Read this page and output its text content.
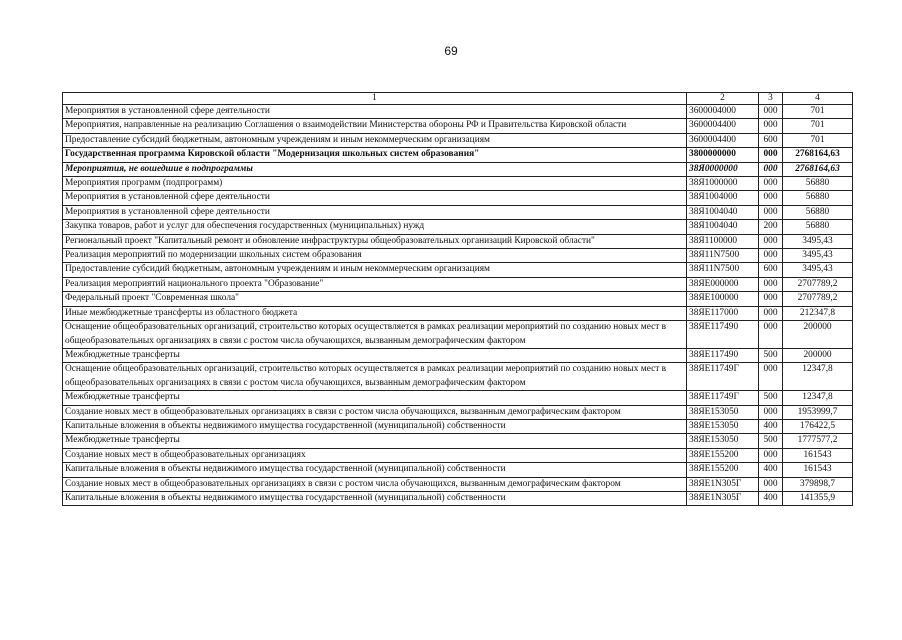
69
1	2	3	4
Мероприятия в установленной сфере деятельности	3600004000	000	701
Мероприятия, направленные на реализацию Соглашения о взаимодействии Министерства обороны РФ и Правительства Кировской области	3600004400	000	701
Предоставление субсидий бюджетным, автономным учреждениям и иным некоммерческим организациям	3600004400	600	701
Государственная программа Кировской области "Модернизация школьных систем образования"	3800000000	000	2768164,63
Мероприятия, не вошедшие в подпрограммы	38Я0000000	000	2768164,63
Мероприятия программ (подпрограмм)	38Я1000000	000	56880
Мероприятия в установленной сфере деятельности	38Я1004000	000	56880
Мероприятия в установленной сфере деятельности	38Я1004040	000	56880
Закупка товаров, работ и услуг для обеспечения государственных (муниципальных) нужд	38Я1004040	200	56880
Региональный проект "Капитальный ремонт и обновление инфраструктуры общеобразовательных организаций Кировской области"	38Я1100000	000	3495,43
Реализация мероприятий по модернизации школьных систем образования	38Я11N7500	000	3495,43
Предоставление субсидий бюджетным, автономным учреждениям и иным некоммерческим организациям	38Я11N7500	600	3495,43
Реализация мероприятий национального проекта "Образование"	38ЯЕ000000	000	2707789,2
Федеральный проект "Современная школа"	38ЯЕ100000	000	2707789,2
Иные межбюджетные трансферты из областного бюджета	38ЯЕ117000	000	212347,8
Оснащение общеобразовательных организаций, строительство которых осуществляется в рамках реализации мероприятий по созданию новых мест в общеобразовательных организациях в связи с ростом числа обучающихся, вызванным демографическим фактором	38ЯЕ117490	000	200000
Межбюджетные трансферты	38ЯЕ117490	500	200000
Оснащение общеобразовательных организаций, строительство которых осуществляется в рамках реализации мероприятий по созданию новых мест в общеобразовательных организациях в связи с ростом числа обучающихся, вызванным демографическим фактором	38ЯЕ11749Г	000	12347,8
Межбюджетные трансферты	38ЯЕ11749Г	500	12347,8
Создание новых мест в общеобразовательных организациях в связи с ростом числа обучающихся, вызванным демографическим фактором	38ЯЕ153050	000	1953999,7
Капитальные вложения в объекты недвижимого имущества государственной (муниципальной) собственности	38ЯЕ153050	400	176422,5
Межбюджетные трансферты	38ЯЕ153050	500	1777577,2
Создание новых мест в общеобразовательных организациях	38ЯЕ155200	000	161543
Капитальные вложения в объекты недвижимого имущества государственной (муниципальной) собственности	38ЯЕ155200	400	161543
Создание новых мест в общеобразовательных организациях в связи с ростом числа обучающихся, вызванным демографическим фактором	38ЯЕ1N305Г	000	379898,7
Капитальные вложения в объекты недвижимого имущества государственной (муниципальной) собственности	38ЯЕ1N305Г	400	141355,9
